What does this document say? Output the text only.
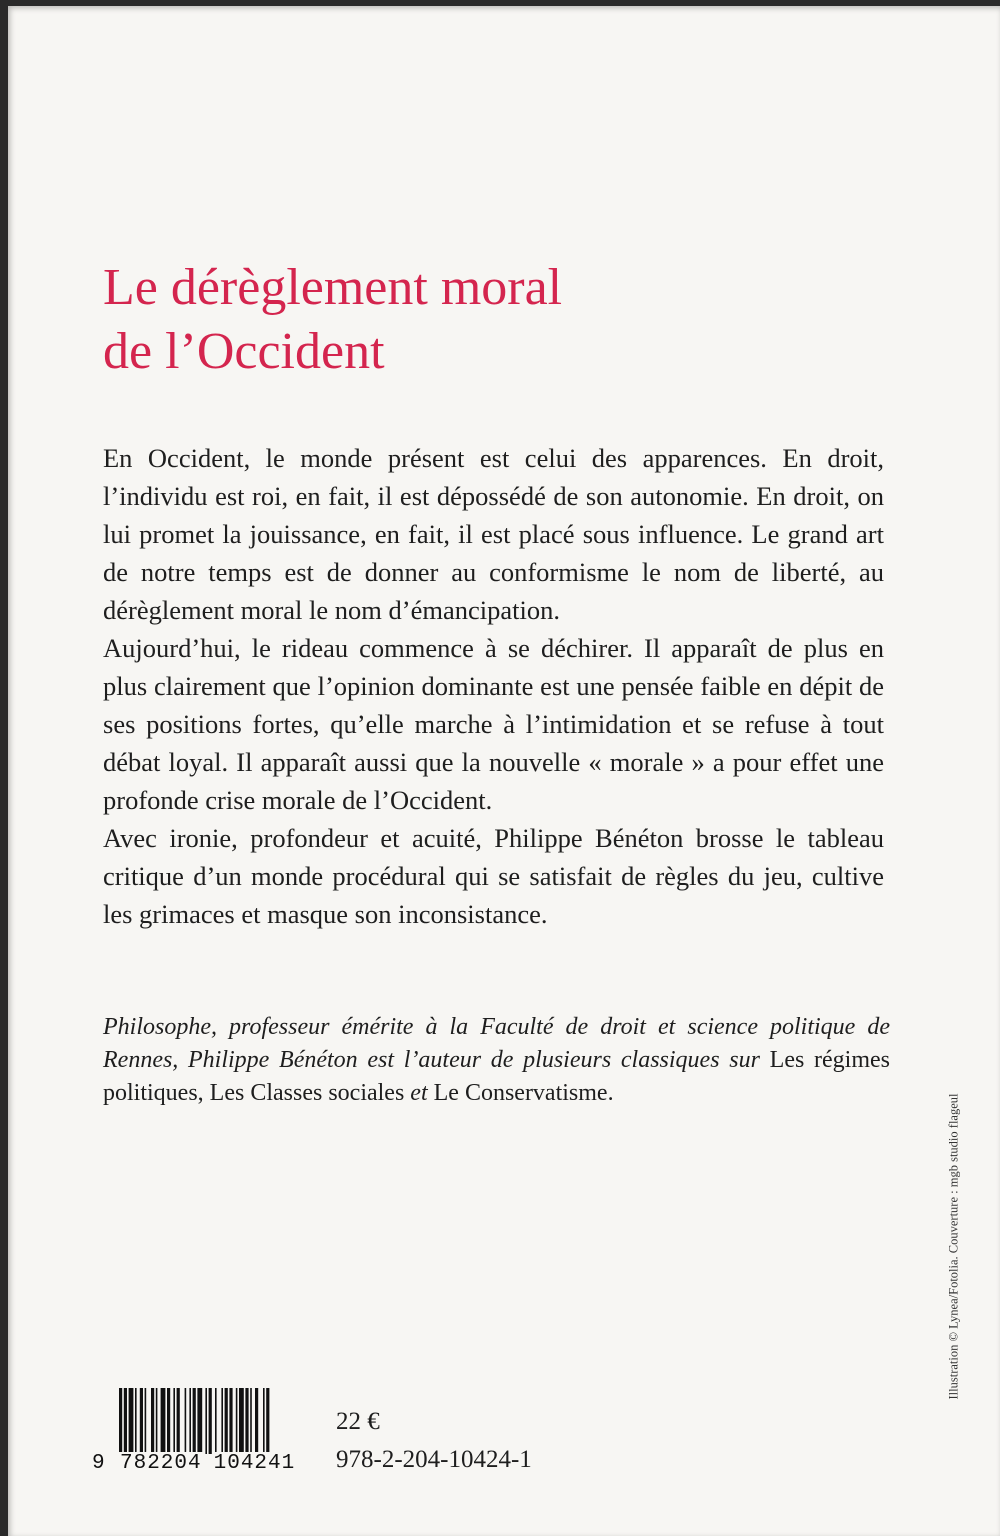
Le dérèglement moral
de l’Occident

En Occident, le monde présent est celui des apparences. En droit, l’individu est roi, en fait, il est dépossédé de son autonomie. En droit, on lui promet la jouissance, en fait, il est placé sous influence. Le grand art de notre temps est de donner au conformisme le nom de liberté, au dérèglement moral le nom d’émancipation.

Aujourd’hui, le rideau commence à se déchirer. Il apparaît de plus en plus clairement que l’opinion dominante est une pensée faible en dépit de ses positions fortes, qu’elle marche à l’intimidation et se refuse à tout débat loyal. Il apparaît aussi que la nouvelle « morale » a pour effet une profonde crise morale de l’Occident.

Avec ironie, profondeur et acuité, Philippe Bénéton brosse le tableau critique d’un monde procédural qui se satisfait de règles du jeu, cultive les grimaces et masque son inconsistance.

Philosophe, professeur émérite à la Faculté de droit et science politique de Rennes, Philippe Bénéton est l’auteur de plusieurs classiques sur Les régimes politiques, Les Classes sociales et Le Conservatisme.

Illustration © Lynea/Fotolia. Couverture : mgb studio flageul
9 782204 104241
22 €
978-2-204-10424-1
